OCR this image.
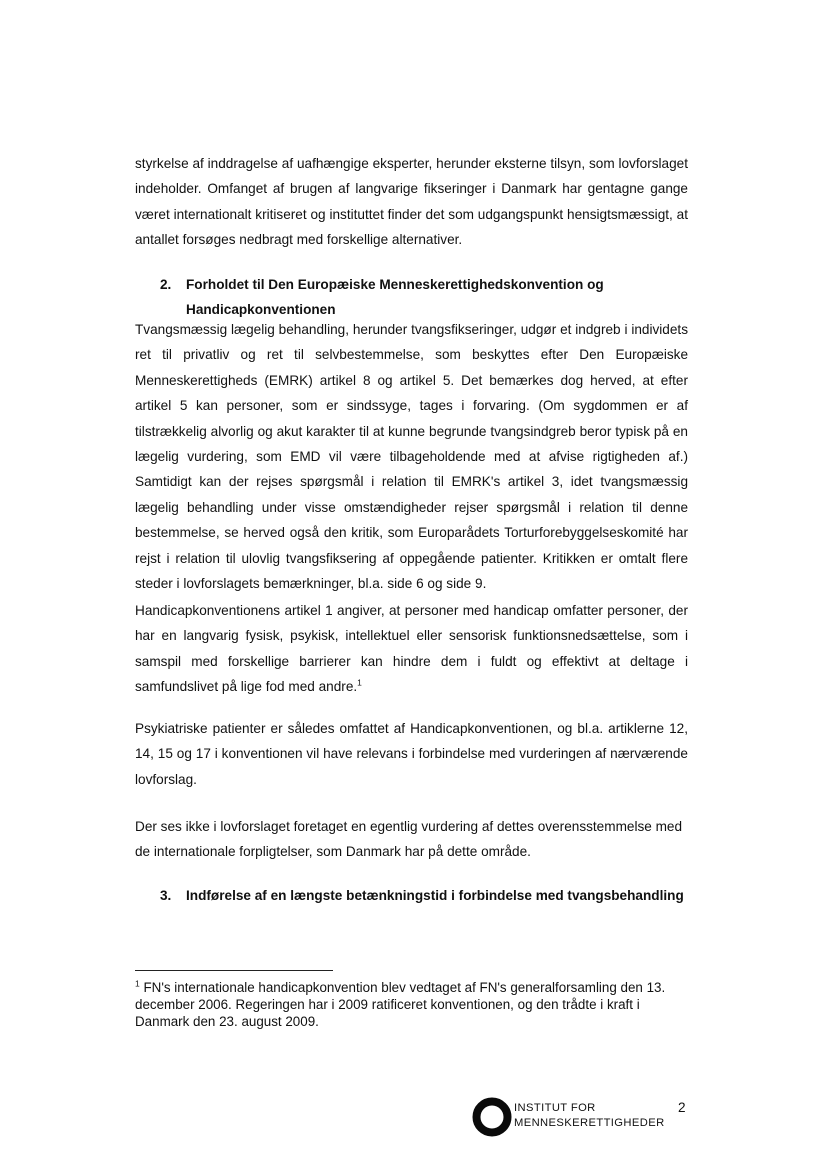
styrkelse af inddragelse af uafhængige eksperter, herunder eksterne tilsyn, som lovforslaget indeholder. Omfanget af brugen af langvarige fikseringer i Danmark har gentagne gange været internationalt kritiseret og instituttet finder det som udgangspunkt hensigtsmæssigt, at antallet forsøges nedbragt med forskellige alternativer.

2.	Forholdet til Den Europæiske Menneskerettighedskonvention og Handicapkonventionen

Tvangsmæssig lægelig behandling, herunder tvangsfikseringer, udgør et indgreb i individets ret til privatliv og ret til selvbestemmelse, som beskyttes efter Den Europæiske Menneskerettigheds (EMRK) artikel 8 og artikel 5. Det bemærkes dog herved, at efter artikel 5 kan personer, som er sindssyge, tages i forvaring. (Om sygdommen er af tilstrækkelig alvorlig og akut karakter til at kunne begrunde tvangsindgreb beror typisk på en lægelig vurdering, som EMD vil være tilbageholdende med at afvise rigtigheden af.) Samtidigt kan der rejses spørgsmål i relation til EMRK's artikel 3, idet tvangsmæssig lægelig behandling under visse omstændigheder rejser spørgsmål i relation til denne bestemmelse, se herved også den kritik, som Europarådets Torturforebyggelseskomité har rejst i relation til ulovlig tvangsfiksering af oppegående patienter. Kritikken er omtalt flere steder i lovforslagets bemærkninger, bl.a. side 6 og side 9.

Handicapkonventionens artikel 1 angiver, at personer med handicap omfatter personer, der har en langvarig fysisk, psykisk, intellektuel eller sensorisk funktionsnedsættelse, som i samspil med forskellige barrierer kan hindre dem i fuldt og effektivt at deltage i samfundslivet på lige fod med andre.$^1$

Psykiatriske patienter er således omfattet af Handicapkonventionen, og bl.a. artiklerne 12, 14, 15 og 17 i konventionen vil have relevans i forbindelse med vurderingen af nærværende lovforslag.

Der ses ikke i lovforslaget foretaget en egentlig vurdering af dettes overensstemmelse med de internationale forpligtelser, som Danmark har på dette område.

3.	Indførelse af en længste betænkningstid i forbindelse med tvangsbehandling

$^1$ FN's internationale handicapkonvention blev vedtaget af FN's generalforsamling den 13. december 2006. Regeringen har i 2009 ratificeret konventionen, og den trådte i kraft i Danmark den 23. august 2009.

INSTITUT FOR
MENNESKERETTIGHEDER
2
